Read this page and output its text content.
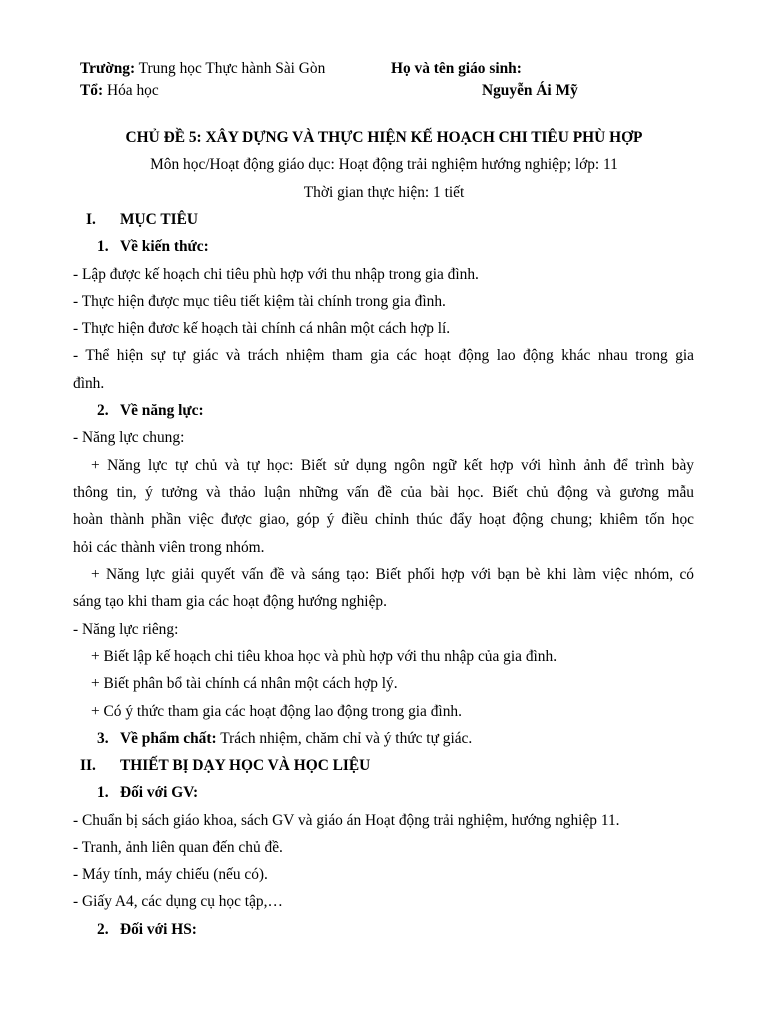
Trường: Trung học Thực hành Sài Gòn
Tổ: Hóa học
Họ và tên giáo sinh:
Nguyễn Ái Mỹ
CHỦ ĐỀ 5: XÂY DỰNG VÀ THỰC HIỆN KẾ HOẠCH CHI TIÊU PHÙ HỢP
Môn học/Hoạt động giáo dục: Hoạt động trải nghiệm hướng nghiệp; lớp: 11
Thời gian thực hiện: 1 tiết
I. MỤC TIÊU
1. Về kiến thức:
- Lập được kế hoạch chi tiêu phù hợp với thu nhập trong gia đình.
- Thực hiện được mục tiêu tiết kiệm tài chính trong gia đình.
- Thực hiện đươc kế hoạch tài chính cá nhân một cách hợp lí.
- Thể hiện sự tự giác và trách nhiệm tham gia các hoạt động lao động khác nhau trong gia
đình.
2. Về năng lực:
- Năng lực chung:
+ Năng lực tự chủ và tự học: Biết sử dụng ngôn ngữ kết hợp với hình ảnh để trình bày
thông tin, ý tưởng và thảo luận những vấn đề của bài học. Biết chủ động và gương mẫu
hoàn thành phần việc được giao, góp ý điều chỉnh thúc đẩy hoạt động chung; khiêm tốn học
hỏi các thành viên trong nhóm.
+ Năng lực giải quyết vấn đề và sáng tạo: Biết phối hợp với bạn bè khi làm việc nhóm, có
sáng tạo khi tham gia các hoạt động hướng nghiệp.
- Năng lực riêng:
+ Biết lập kế hoạch chi tiêu khoa học và phù hợp với thu nhập của gia đình.
+ Biết phân bổ tài chính cá nhân một cách hợp lý.
+ Có ý thức tham gia các hoạt động lao động trong gia đình.
3. Về phẩm chất: Trách nhiệm, chăm chỉ và ý thức tự giác.
II. THIẾT BỊ DẠY HỌC VÀ HỌC LIỆU
1. Đối với GV:
- Chuẩn bị sách giáo khoa, sách GV và giáo án Hoạt động trải nghiệm, hướng nghiệp 11.
- Tranh, ảnh liên quan đến chủ đề.
- Máy tính, máy chiếu (nếu có).
- Giấy A4, các dụng cụ học tập,…
2. Đối với HS:
